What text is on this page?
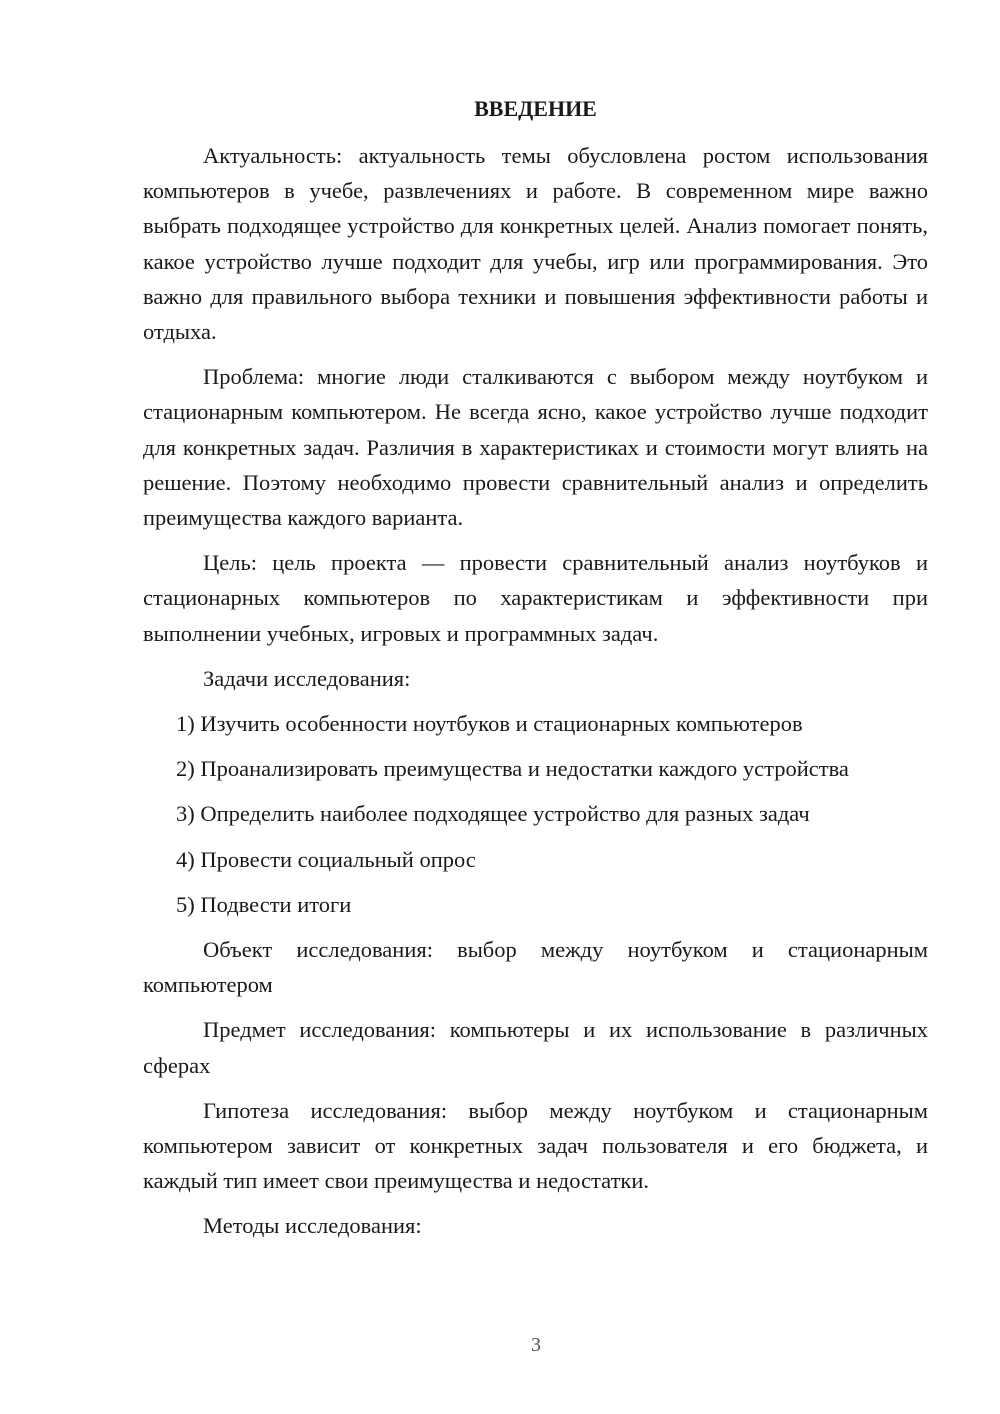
ВВЕДЕНИЕ

Актуальность: актуальность темы обусловлена ростом использования компьютеров в учебе, развлечениях и работе. В современном мире важно выбрать подходящее устройство для конкретных целей. Анализ помогает понять, какое устройство лучше подходит для учебы, игр или программирования. Это важно для правильного выбора техники и повышения эффективности работы и отдыха.

Проблема: многие люди сталкиваются с выбором между ноутбуком и стационарным компьютером. Не всегда ясно, какое устройство лучше подходит для конкретных задач. Различия в характеристиках и стоимости могут влиять на решение. Поэтому необходимо провести сравнительный анализ и определить преимущества каждого варианта.

Цель: цель проекта — провести сравнительный анализ ноутбуков и стационарных компьютеров по характеристикам и эффективности при выполнении учебных, игровых и программных задач.

Задачи исследования:

1) Изучить особенности ноутбуков и стационарных компьютеров
2) Проанализировать преимущества и недостатки каждого устройства
3) Определить наиболее подходящее устройство для разных задач
4) Провести социальный опрос
5) Подвести итоги

Объект исследования: выбор между ноутбуком и стационарным компьютером

Предмет исследования: компьютеры и их использование в различных сферах

Гипотеза исследования: выбор между ноутбуком и стационарным компьютером зависит от конкретных задач пользователя и его бюджета, и каждый тип имеет свои преимущества и недостатки.

Методы исследования:

3
